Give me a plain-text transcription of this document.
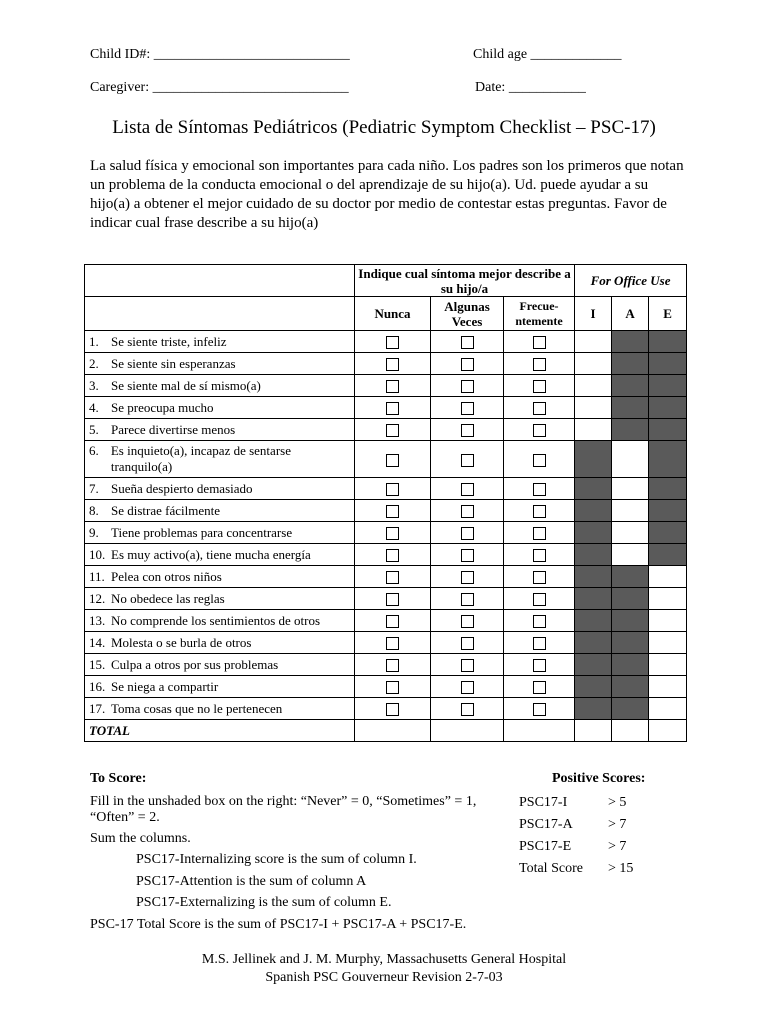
Child ID#: ____________________________	Child age _____________
Caregiver: ____________________________	Date: ___________
Lista de Síntomas Pediátricos (Pediatric Symptom Checklist – PSC-17)
La salud física y emocional son importantes para cada niño. Los padres son los primeros que notan un problema de la conducta emocional o del aprendizaje de su hijo(a). Ud. puede ayudar a su hijo(a) a obtener el mejor cuidado de su doctor por medio de contestar estas preguntas. Favor de indicar cual frase describe a su hijo(a)
	Indique cual síntoma mejor describe a su hijo/a			For Office Use		
	Nunca	Algunas Veces	Frecue-ntemente	I	A	E

1. Se siente triste, infeliz						

2. Se siente sin esperanzas						

3. Se siente mal de sí mismo(a)						

4. Se preocupa mucho						

5. Parece divertirse menos						

6. Es inquieto(a), incapaz de sentarse tranquilo(a)						

7. Sueña despierto demasiado						

8. Se distrae fácilmente						

9. Tiene problemas para concentrarse						

10. Es muy activo(a), tiene mucha energía						

11. Pelea con otros niños						

12. No obedece las reglas						

13. No comprende los sentimientos de otros						

14. Molesta o se burla de otros						

15. Culpa a otros por sus problemas						

16. Se niega a compartir						

17. Toma cosas que no le pertenecen						

TOTAL						
To Score:
Fill in the unshaded box on the right: “Never” = 0, “Sometimes” = 1,
“Often” = 2.
Sum the columns.
PSC17-Internalizing score is the sum of column I.
PSC17-Attention is the sum of column A
PSC17-Externalizing is the sum of column E.
PSC-17 Total Score is the sum of PSC17-I + PSC17-A + PSC17-E.
Positive Scores:
PSC17-I	> 5
PSC17-A	> 7
PSC17-E	> 7
Total Score > 15
M.S. Jellinek and J. M. Murphy, Massachusetts General Hospital
Spanish PSC Gouverneur Revision 2-7-03
